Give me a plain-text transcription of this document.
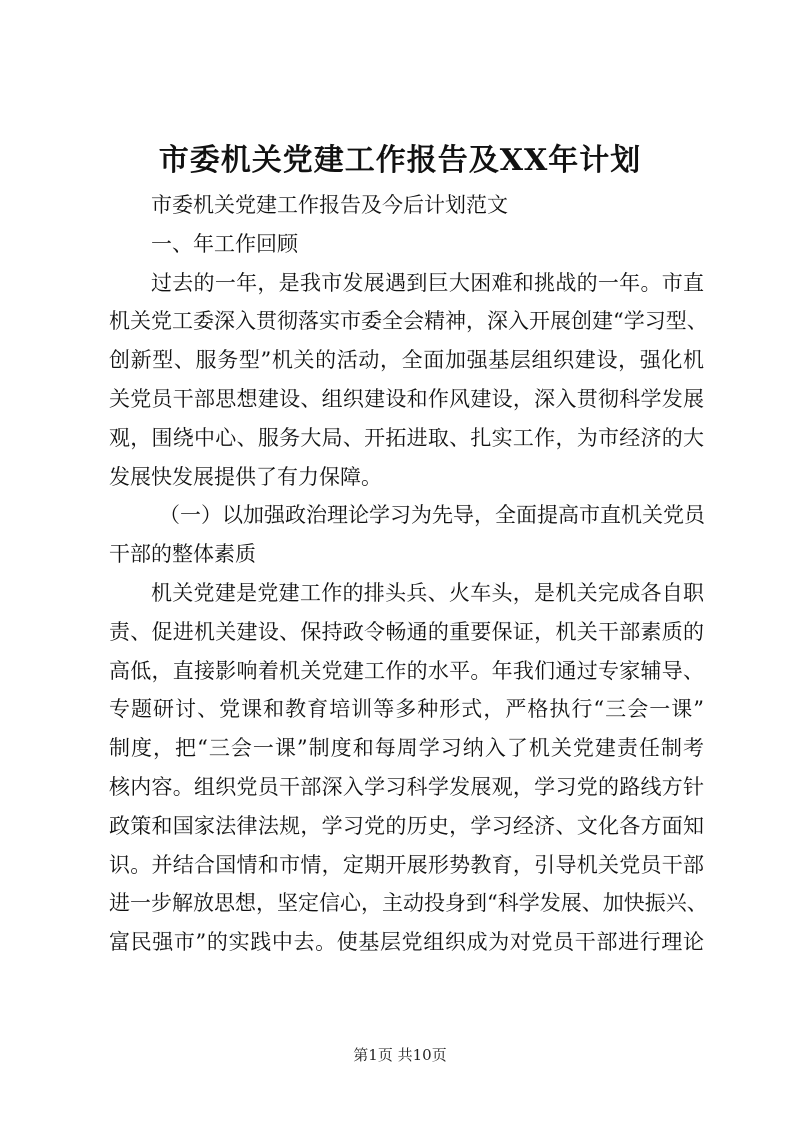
市委机关党建工作报告及XX年计划
市委机关党建工作报告及今后计划范文
一、年工作回顾
过去的一年，是我市发展遇到巨大困难和挑战的一年。市直
机关党工委深入贯彻落实市委全会精神，深入开展创建“学习型、
创新型、服务型”机关的活动，全面加强基层组织建设，强化机
关党员干部思想建设、组织建设和作风建设，深入贯彻科学发展
观，围绕中心、服务大局、开拓进取、扎实工作，为市经济的大
发展快发展提供了有力保障。
（一）以加强政治理论学习为先导，全面提高市直机关党员
干部的整体素质
机关党建是党建工作的排头兵、火车头，是机关完成各自职
责、促进机关建设、保持政令畅通的重要保证，机关干部素质的
高低，直接影响着机关党建工作的水平。年我们通过专家辅导、
专题研讨、党课和教育培训等多种形式，严格执行“三会一课”
制度，把“三会一课”制度和每周学习纳入了机关党建责任制考
核内容。组织党员干部深入学习科学发展观，学习党的路线方针
政策和国家法律法规，学习党的历史，学习经济、文化各方面知
识。并结合国情和市情，定期开展形势教育，引导机关党员干部
进一步解放思想，坚定信心，主动投身到“科学发展、加快振兴、
富民强市”的实践中去。使基层党组织成为对党员干部进行理论
第1页 共10页
